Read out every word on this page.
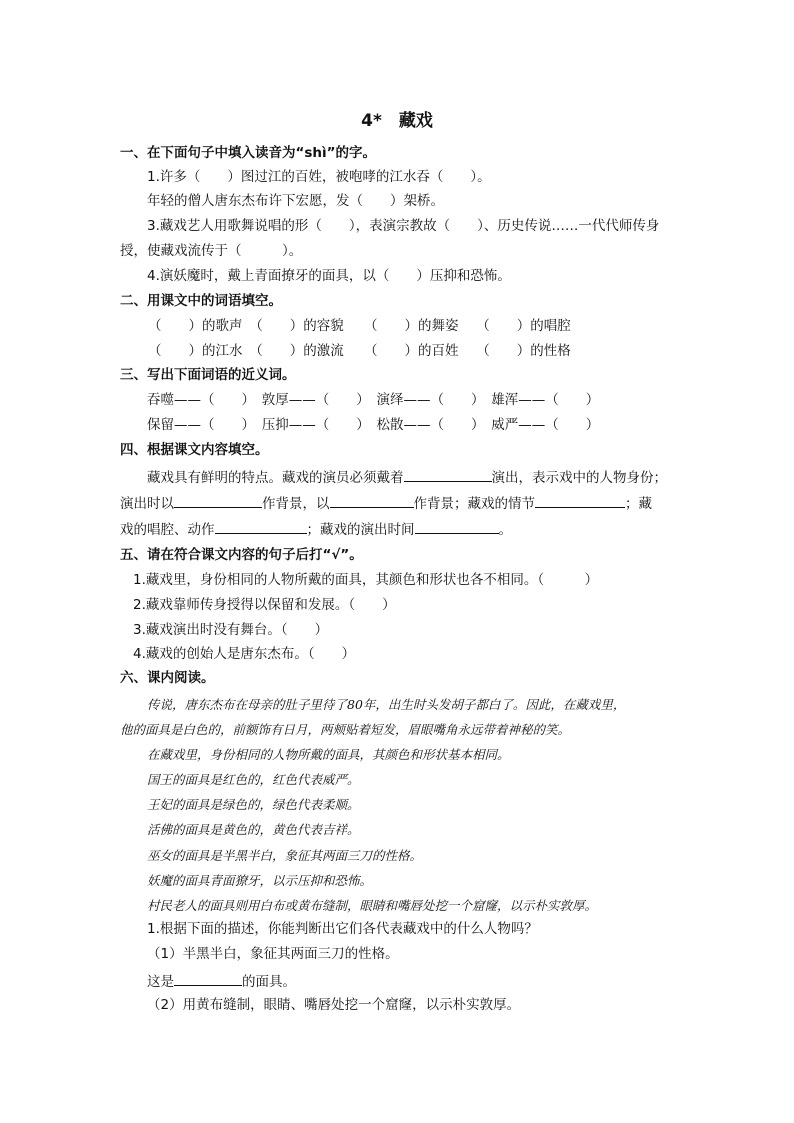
4*　藏戏
一、在下面句子中填入读音为“shì”的字。
1.许多（　　）图过江的百姓，被咆哮的江水吞（　　）。
年轻的僧人唐东杰布许下宏愿，发（　　）架桥。
3.藏戏艺人用歌舞说唱的形（　　），表演宗教故（　　）、历史传说……一代代师传身
授，使藏戏流传于（　　　）。
4.演妖魔时，戴上青面撩牙的面具，以（　　）压抑和恐怖。
二、用课文中的词语填空。
（　　）的歌声　（　　）的容貌　　（　　）的舞姿　 （　　）的唱腔
（　　）的江水　（　　）的激流　　（　　）的百姓　 （　　）的性格
三、写出下面词语的近义词。
吞噬——（　　）　敦厚——（　　）　演绎——（　　）　雄浑——（　　）
保留——（　　）　压抑——（　　）　松散——（　　）　威严——（　　）
四、根据课文内容填空。
藏戏具有鲜明的特点。藏戏的演员必须戴着	演出，表示戏中的人物身份；
演出时以	作背景，以	作背景；藏戏的情节	；藏
戏的唱腔、动作	；藏戏的演出时间	。
五、请在符合课文内容的句子后打“√”。
1.藏戏里，身份相同的人物所戴的面具，其颜色和形状也各不相同。（　　　）
2.藏戏靠师传身授得以保留和发展。（　　）
3.藏戏演出时没有舞台。（　　）
4.藏戏的创始人是唐东杰布。（　　）
六、课内阅读。
传说，唐东杰布在母亲的肚子里待了80年，出生时头发胡子都白了。因此，在藏戏里，
他的面具是白色的，前额饰有日月，两颊贴着短发，眉眼嘴角永远带着神秘的笑。
在藏戏里，身份相同的人物所戴的面具，其颜色和形状基本相同。
国王的面具是红色的，红色代表威严。
王妃的面具是绿色的，绿色代表柔顺。
活佛的面具是黄色的，黄色代表吉祥。
巫女的面具是半黑半白，象征其两面三刀的性格。
妖魔的面具青面獠牙，以示压抑和恐怖。
村民老人的面具则用白布或黄布缝制，眼睛和嘴唇处挖一个窟窿，以示朴实敦厚。
1.根据下面的描述，你能判断出它们各代表藏戏中的什么人物吗？
（1）半黑半白，象征其两面三刀的性格。
这是	的面具。
（2）用黄布缝制，眼睛、嘴唇处挖一个窟窿，以示朴实敦厚。
